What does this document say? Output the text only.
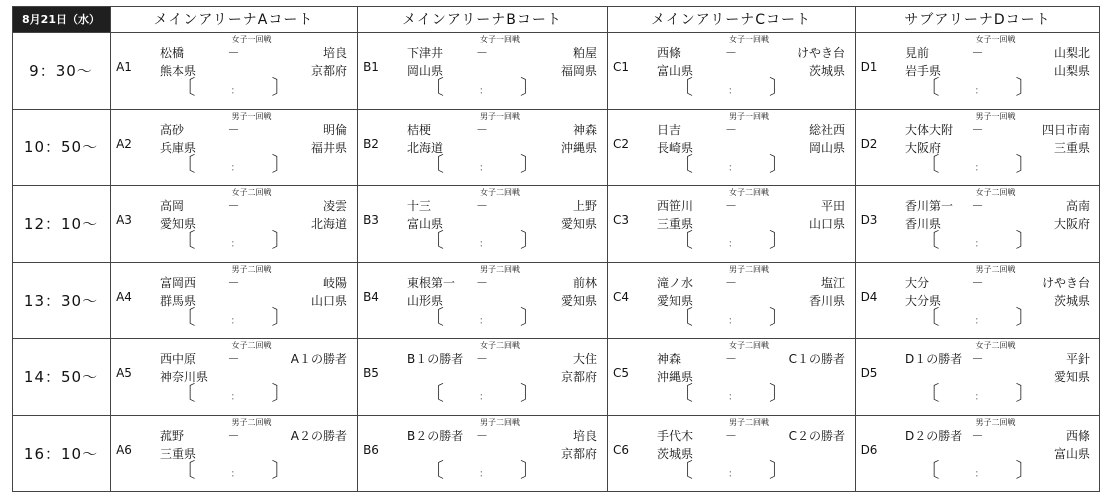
8月21日（水）	メインアリーナAコート	メインアリーナBコート	メインアリーナCコート	サブアリーナDコート
9：30～	A1
女子一回戦
－
松橋
熊本県
培良
京都府
〔	： 〕
B1
女子一回戦
－
下津井
岡山県
粕屋
福岡県
〔	： 〕
C1
女子一回戦
－
西條
富山県
けやき台
茨城県
〔	： 〕
D1
女子一回戦
－
見前
岩手県
山梨北
山梨県
〔	： 〕
10：50～	A2
男子一回戦
－
高砂
兵庫県
明倫
福井県
〔	： 〕
B2
男子一回戦
－
桔梗
北海道
神森
沖縄県
〔	： 〕
C2
男子一回戦
－
日吉
長崎県
総社西
岡山県
〔	： 〕
D2
男子一回戦
－
大体大附
大阪府
四日市南
三重県
〔	： 〕
12：10～	A3
女子二回戦
－
高岡
愛知県
凌雲
北海道
〔	： 〕
B3
女子二回戦
－
十三
富山県
上野
愛知県
〔	： 〕
C3
女子二回戦
－
西笹川
三重県
平田
山口県
〔	： 〕
D3
女子二回戦
－
香川第一
香川県
高南
大阪府
〔	： 〕
13：30～	A4
男子二回戦
－
富岡西
群馬県
岐陽
山口県
〔	： 〕
B4
男子二回戦
－
東根第一
山形県
前林
愛知県
〔	： 〕
C4
男子二回戦
－
滝ノ水
愛知県
塩江
香川県
〔	： 〕
D4
男子二回戦
－
大分
大分県
けやき台
茨城県
〔	： 〕
14：50～	A5
女子二回戦
－
西中原
神奈川県
A１の勝者
〔	： 〕
B5
女子二回戦
－
B１の勝者	大住
京都府
〔	： 〕
C5
女子二回戦
－
神森
沖縄県
C１の勝者
〔	： 〕
D5
女子二回戦
－
D１の勝者	平針
愛知県
〔	： 〕
16：10～	A6
男子二回戦
－
菰野
三重県
A２の勝者
〔	： 〕
B6
男子二回戦
－
B２の勝者	培良
京都府
〔	： 〕
C6
男子二回戦
－
手代木
茨城県
C２の勝者
〔	： 〕
D6
男子二回戦
－
D２の勝者	西條
富山県
〔	： 〕
